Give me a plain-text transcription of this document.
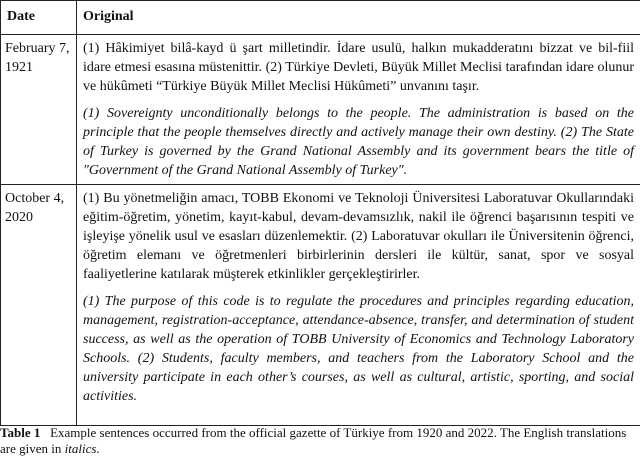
Date	Original
February 7, 1921	(1) Hâkimiyet bilâ-kayd ü şart milletindir. İdare usulü, halkın mukadderatını bizzat ve bil-fiil idare etmesi esasına müstenittir. (2) Türkiye Devleti, Büyük Millet Meclisi tarafından idare olunur ve hükûmeti “Türkiye Büyük Millet Meclisi Hükûmeti” unvanını taşır.

(1) Sovereignty unconditionally belongs to the people. The administration is based on the principle that the people themselves directly and actively manage their own destiny. (2) The State of Turkey is governed by the Grand National Assembly and its government bears the title of "Government of the Grand National Assembly of Turkey".

October 4, 2020	(1) Bu yönetmeliğin amacı, TOBB Ekonomi ve Teknoloji Üniversitesi Laboratuvar Okullarındaki eğitim-öğretim, yönetim, kayıt-kabul, devam-devamsızlık, nakil ile öğrenci başarısının tespiti ve işleyişe yönelik usul ve esasları düzenlemektir. (2) Laboratuvar okulları ile Üniversitenin öğrenci, öğretim elemanı ve öğretmenleri birbirlerinin dersleri ile kültür, sanat, spor ve sosyal faaliyetlerine katılarak müşterek etkinlikler gerçekleştirirler.

(1) The purpose of this code is to regulate the procedures and principles regarding education, management, registration-acceptance, attendance-absence, transfer, and determination of student success, as well as the operation of TOBB University of Economics and Technology Laboratory Schools. (2) Students, faculty members, and teachers from the Laboratory School and the university participate in each other’s courses, as well as cultural, artistic, sporting, and social activities.

Table 1 Example sentences occurred from the official gazette of Türkiye from 1920 and 2022. The English translations are given in italics.
